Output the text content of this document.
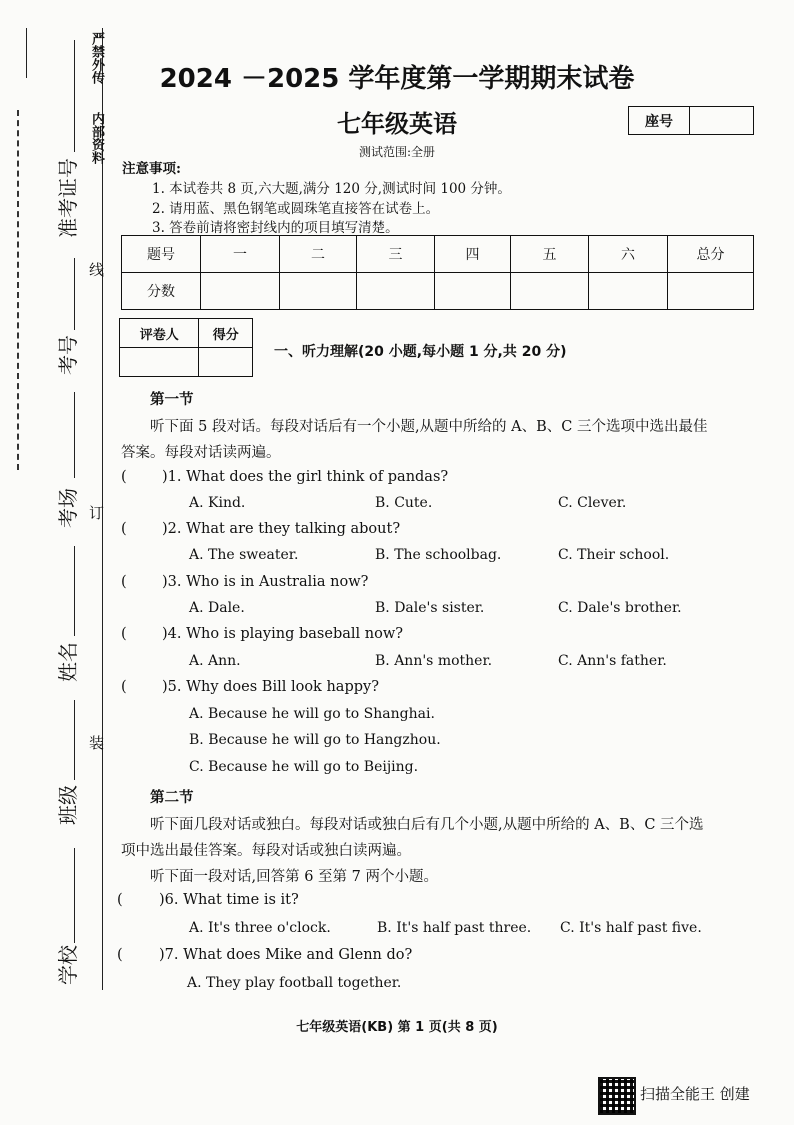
严禁外传
内部资料
线
订
装
准考证号
考号
考场
姓名
班级
学校
2024 －2025 学年度第一学期期末试卷
七年级英语
测试范围:全册
座号
注意事项:
1. 本试卷共 8 页,六大题,满分 120 分,测试时间 100 分钟。
2. 请用蓝、黑色钢笔或圆珠笔直接答在试卷上。
3. 答卷前请将密封线内的项目填写清楚。
题号	一	二	三	四	五	六	总分
分数							
评卷人	得分

一、听力理解(20 小题,每小题 1 分,共 20 分)
第一节
听下面 5 段对话。每段对话后有一个小题,从题中所给的 A、B、C 三个选项中选出最佳
答案。每段对话读两遍。
( )1. What does the girl think of pandas?
A. Kind.	B. Cute.	C. Clever.
( )2. What are they talking about?
A. The sweater.	B. The schoolbag.	C. Their school.
( )3. Who is in Australia now?
A. Dale.	B. Dale's sister.	C. Dale's brother.
( )4. Who is playing baseball now?
A. Ann.	B. Ann's mother.	C. Ann's father.
( )5. Why does Bill look happy?
A. Because he will go to Shanghai.
B. Because he will go to Hangzhou.
C. Because he will go to Beijing.
第二节
听下面几段对话或独白。每段对话或独白后有几个小题,从题中所给的 A、B、C 三个选
项中选出最佳答案。每段对话或独白读两遍。
听下面一段对话,回答第 6 至第 7 两个小题。
(	)6. What time is it?
A. It's three o'clock.	B. It's half past three. C. It's half past five.
(	)7. What does Mike and Glenn do?
A. They play football together.
七年级英语(KB) 第 1 页(共 8 页)
扫描全能王 创建
